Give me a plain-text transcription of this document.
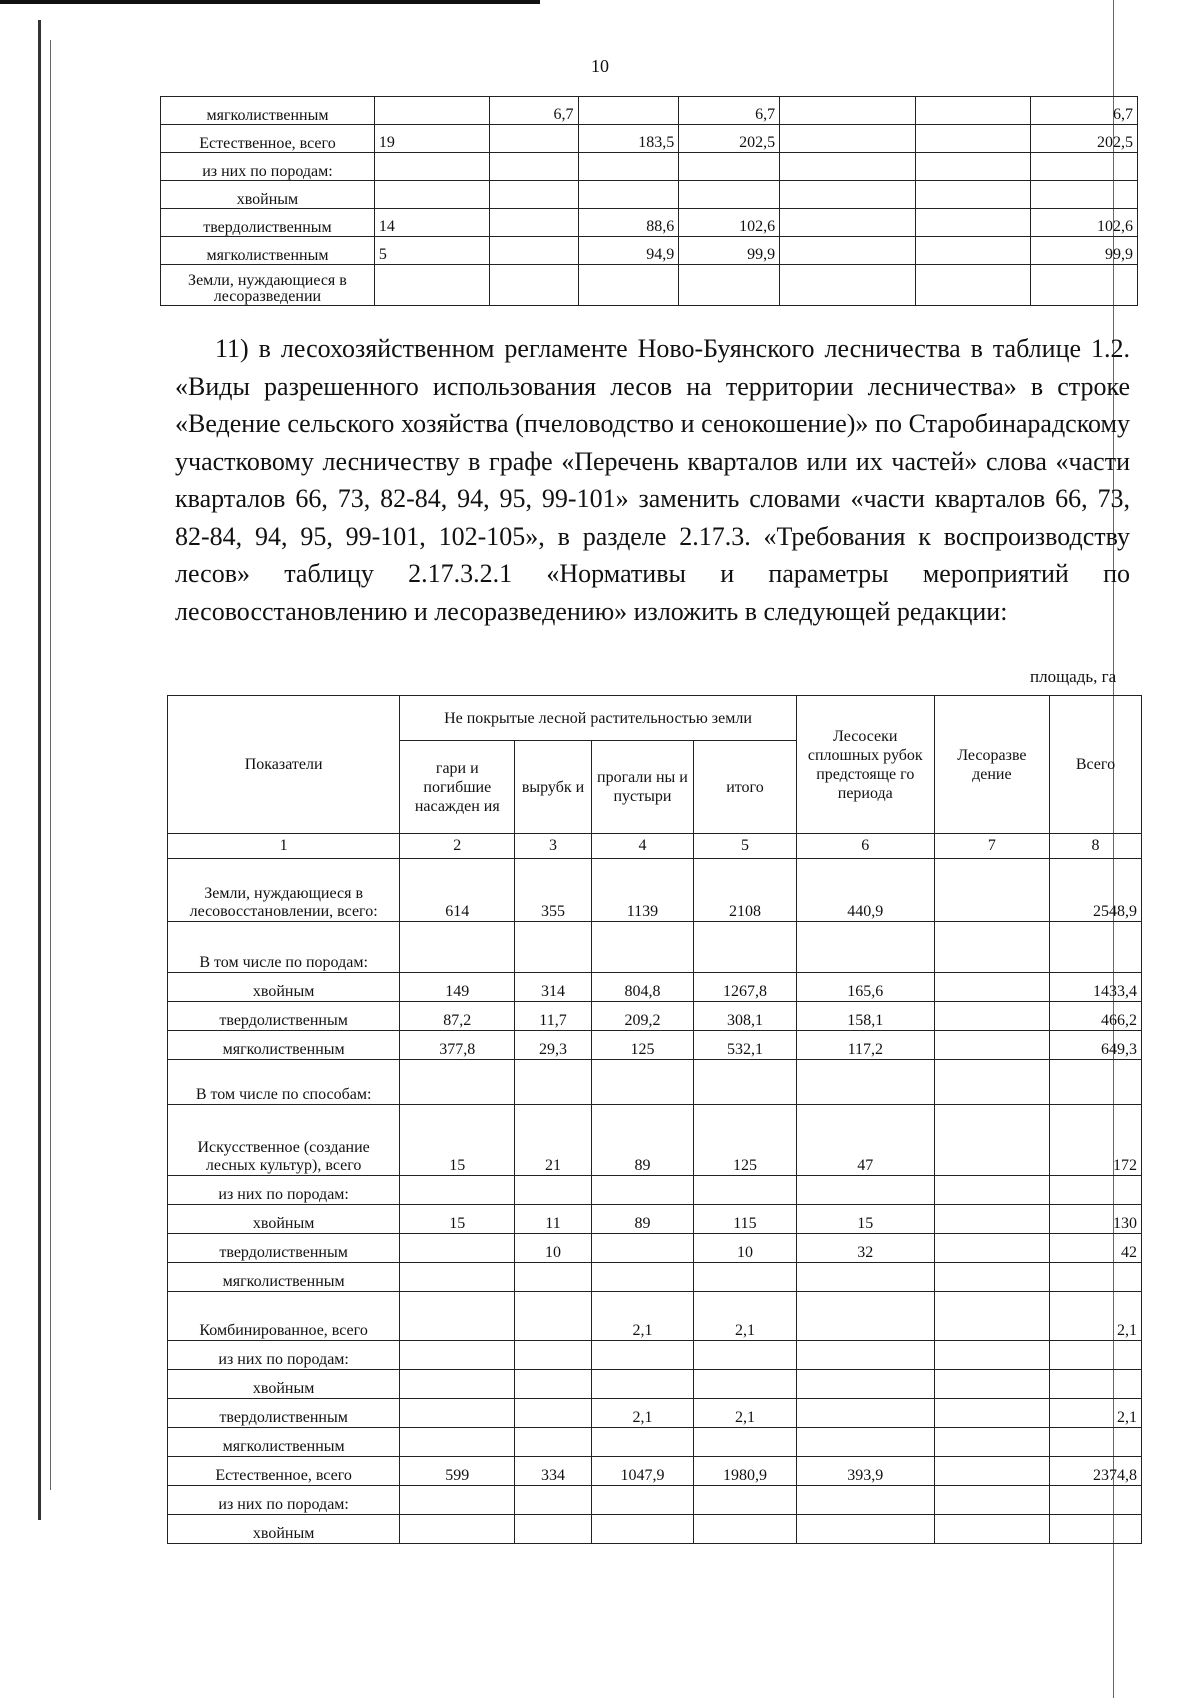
10
мягколиственным		6,7		6,7			6,7
Естественное, всего	19		183,5	202,5			202,5
из них по породам:							
хвойным							
твердолиственным	14		88,6	102,6			102,6
мягколиственным	5		94,9	99,9			99,9
Земли, нуждающиеся в лесоразведении							
11) в лесохозяйственном регламенте Ново-Буянского лесничества в таблице 1.2. «Виды разрешенного использования лесов на территории лесничества» в строке «Ведение сельского хозяйства (пчеловодство и сенокошение)» по Старобинарадскому участковому лесничеству в графе «Перечень кварталов или их частей» слова «части кварталов 66, 73, 82-84, 94, 95, 99-101» заменить словами «части кварталов 66, 73, 82-84, 94, 95, 99-101, 102-105», в разделе 2.17.3. «Требования к воспроизводству лесов» таблицу 2.17.3.2.1 «Нормативы и параметры мероприятий по лесовосстановлению и лесоразведению» изложить в следующей редакции:
площадь, га
Показатели	Не покрытые лесной растительностью земли				Лесосеки сплошных рубок предстояще го периода	Лесоразве дение	Всего
	гари и погибшие насажден ия	вырубк и	прогали ны и пустыри	итого			
1	2	3	4	5	6	7	8
Земли, нуждающиеся в лесовосстановлении, всего:	614	355	1139	2108	440,9		2548,9
В том числе по породам:							
хвойным	149	314	804,8	1267,8	165,6		1433,4
твердолиственным	87,2	11,7	209,2	308,1	158,1		466,2
мягколиственным	377,8	29,3	125	532,1	117,2		649,3
В том числе по способам:							
Искусственное (создание лесных культур), всего	15	21	89	125	47		172
из них по породам:							
хвойным	15	11	89	115	15		130
твердолиственным		10		10	32		42
мягколиственным							
Комбинированное, всего			2,1	2,1			2,1
из них по породам:							
хвойным							
твердолиственным			2,1	2,1			2,1
мягколиственным							
Естественное, всего	599	334	1047,9	1980,9	393,9		2374,8
из них по породам:							
хвойным							
